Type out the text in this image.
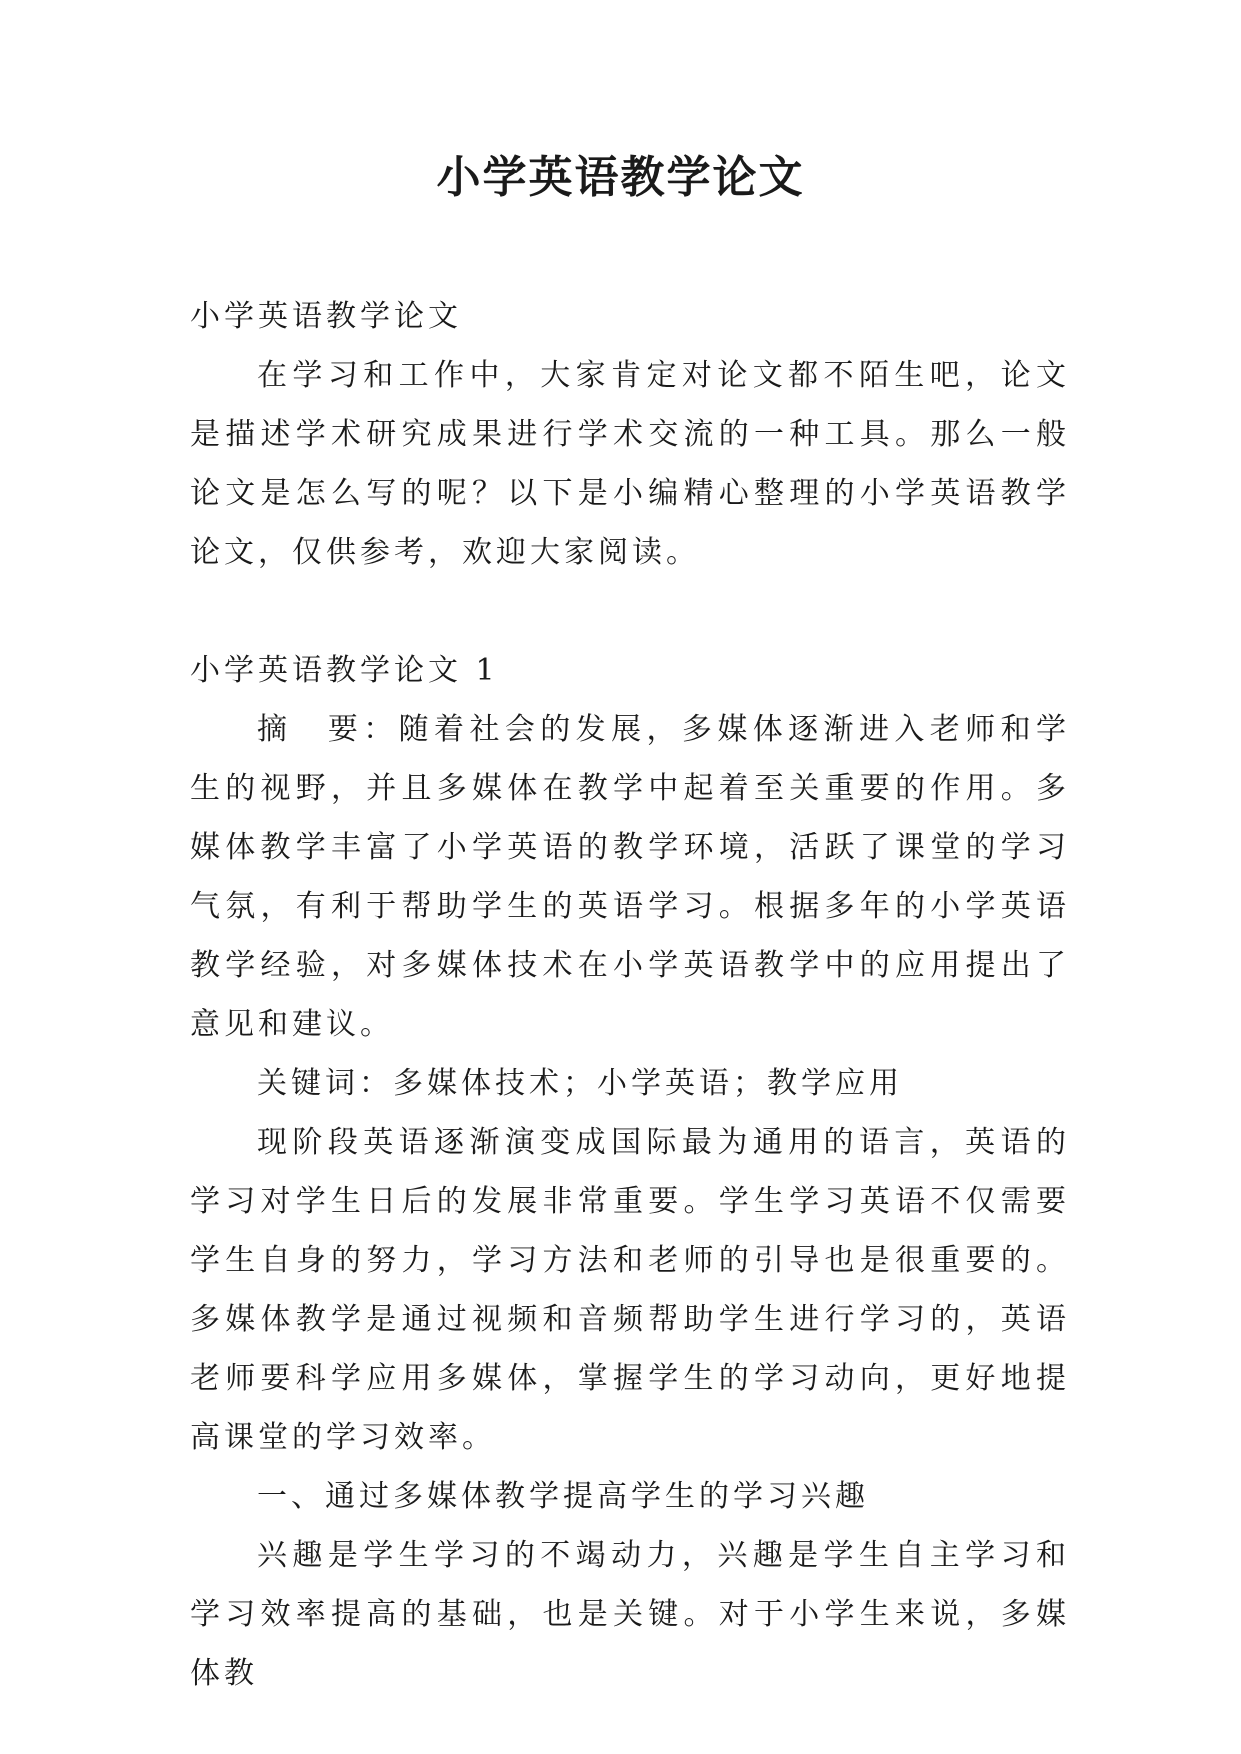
小学英语教学论文

小学英语教学论文

在学习和工作中，大家肯定对论文都不陌生吧，论文是描述学术研究成果进行学术交流的一种工具。那么一般论文是怎么写的呢？以下是小编精心整理的小学英语教学论文，仅供参考，欢迎大家阅读。

小学英语教学论文 1

摘　要：随着社会的发展，多媒体逐渐进入老师和学生的视野，并且多媒体在教学中起着至关重要的作用。多媒体教学丰富了小学英语的教学环境，活跃了课堂的学习气氛，有利于帮助学生的英语学习。根据多年的小学英语教学经验，对多媒体技术在小学英语教学中的应用提出了意见和建议。

关键词：多媒体技术；小学英语；教学应用

现阶段英语逐渐演变成国际最为通用的语言，英语的学习对学生日后的发展非常重要。学生学习英语不仅需要学生自身的努力，学习方法和老师的引导也是很重要的。多媒体教学是通过视频和音频帮助学生进行学习的，英语老师要科学应用多媒体，掌握学生的学习动向，更好地提高课堂的学习效率。

一、通过多媒体教学提高学生的学习兴趣

兴趣是学生学习的不竭动力，兴趣是学生自主学习和学习效率提高的基础，也是关键。对于小学生来说，多媒体教
